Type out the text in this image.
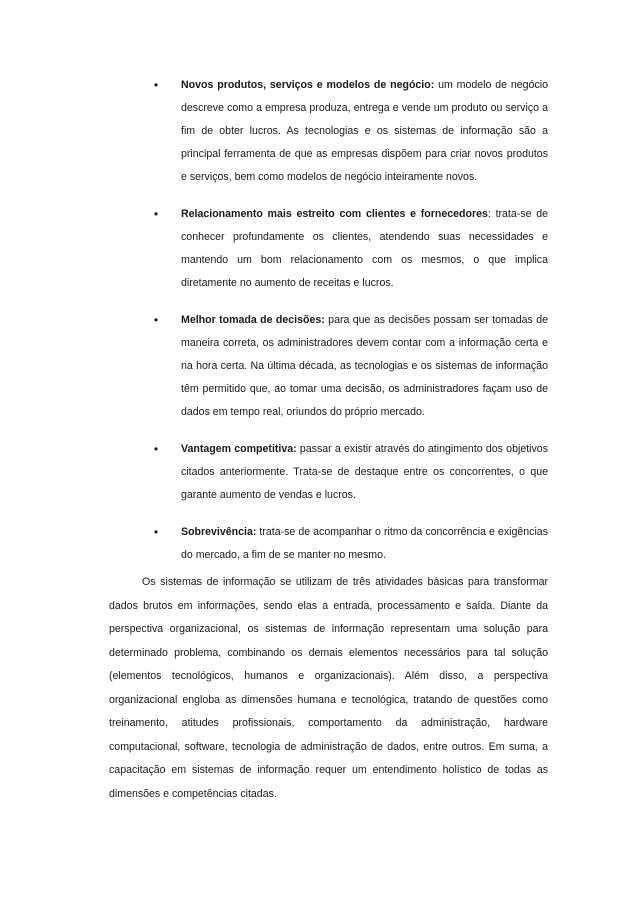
•	Novos produtos, serviços e modelos de negócio: um modelo de negócio descreve como a empresa produza, entrega e vende um produto ou serviço a fim de obter lucros. As tecnologias e os sistemas de informação são a principal ferramenta de que as empresas dispõem para criar novos produtos e serviços, bem como modelos de negócio inteiramente novos.
•	Relacionamento mais estreito com clientes e fornecedores: trata-se de conhecer profundamente os clientes, atendendo suas necessidades e mantendo um bom relacionamento com os mesmos, o que implica diretamente no aumento de receitas e lucros.
•	Melhor tomada de decisões: para que as decisões possam ser tomadas de maneira correta, os administradores devem contar com a informação certa e na hora certa. Na última década, as tecnologias e os sistemas de informação têm permitido que, ao tomar uma decisão, os administradores façam uso de dados em tempo real, oriundos do próprio mercado.
•	Vantagem competitiva: passar a existir através do atingimento dos objetivos citados anteriormente. Trata-se de destaque entre os concorrentes, o que garante aumento de vendas e lucros.
•	Sobrevivência: trata-se de acompanhar o ritmo da concorrência e exigências do mercado, a fim de se manter no mesmo.

Os sistemas de informação se utilizam de três atividades básicas para transformar dados brutos em informações, sendo elas a entrada, processamento e saída. Diante da perspectiva organizacional, os sistemas de informação representam uma solução para determinado problema, combinando os demais elementos necessários para tal solução (elementos tecnológicos, humanos e organizacionais). Além disso, a perspectiva organizacional engloba as dimensões humana e tecnológica, tratando de questões como treinamento, atitudes profissionais, comportamento da administração, hardware computacional, software, tecnologia de administração de dados, entre outros. Em suma, a capacitação em sistemas de informação requer um entendimento holístico de todas as dimensões e competências citadas.
